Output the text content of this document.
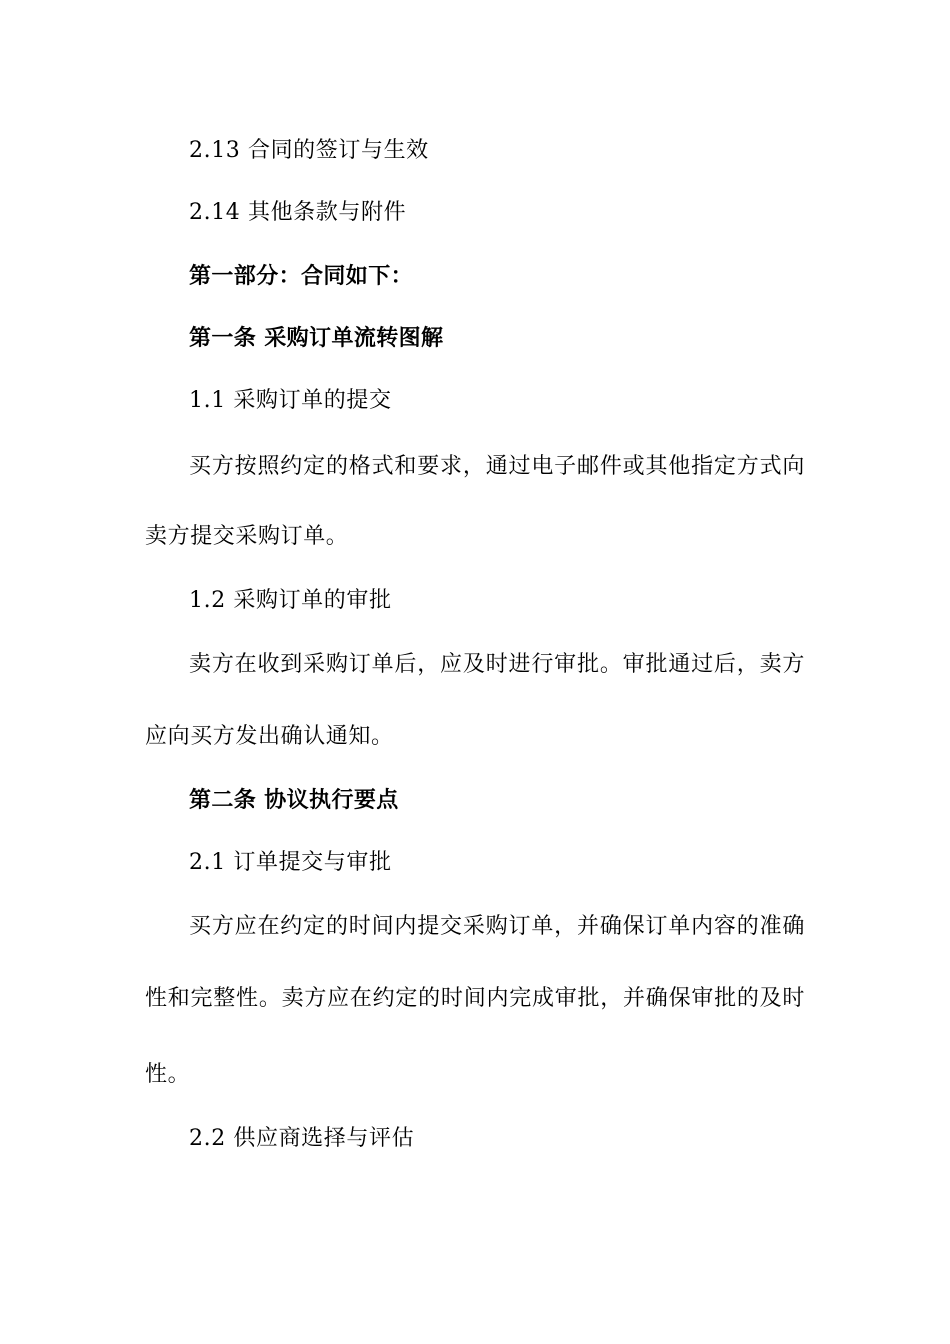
2.13 合同的签订与生效
2.14 其他条款与附件
第一部分：合同如下：
第一条 采购订单流转图解
1.1 采购订单的提交
买方按照约定的格式和要求，通过电子邮件或其他指定方式向
卖方提交采购订单。
1.2 采购订单的审批
卖方在收到采购订单后，应及时进行审批。审批通过后，卖方
应向买方发出确认通知。
第二条 协议执行要点
2.1 订单提交与审批
买方应在约定的时间内提交采购订单，并确保订单内容的准确
性和完整性。卖方应在约定的时间内完成审批，并确保审批的及时
性。
2.2 供应商选择与评估
